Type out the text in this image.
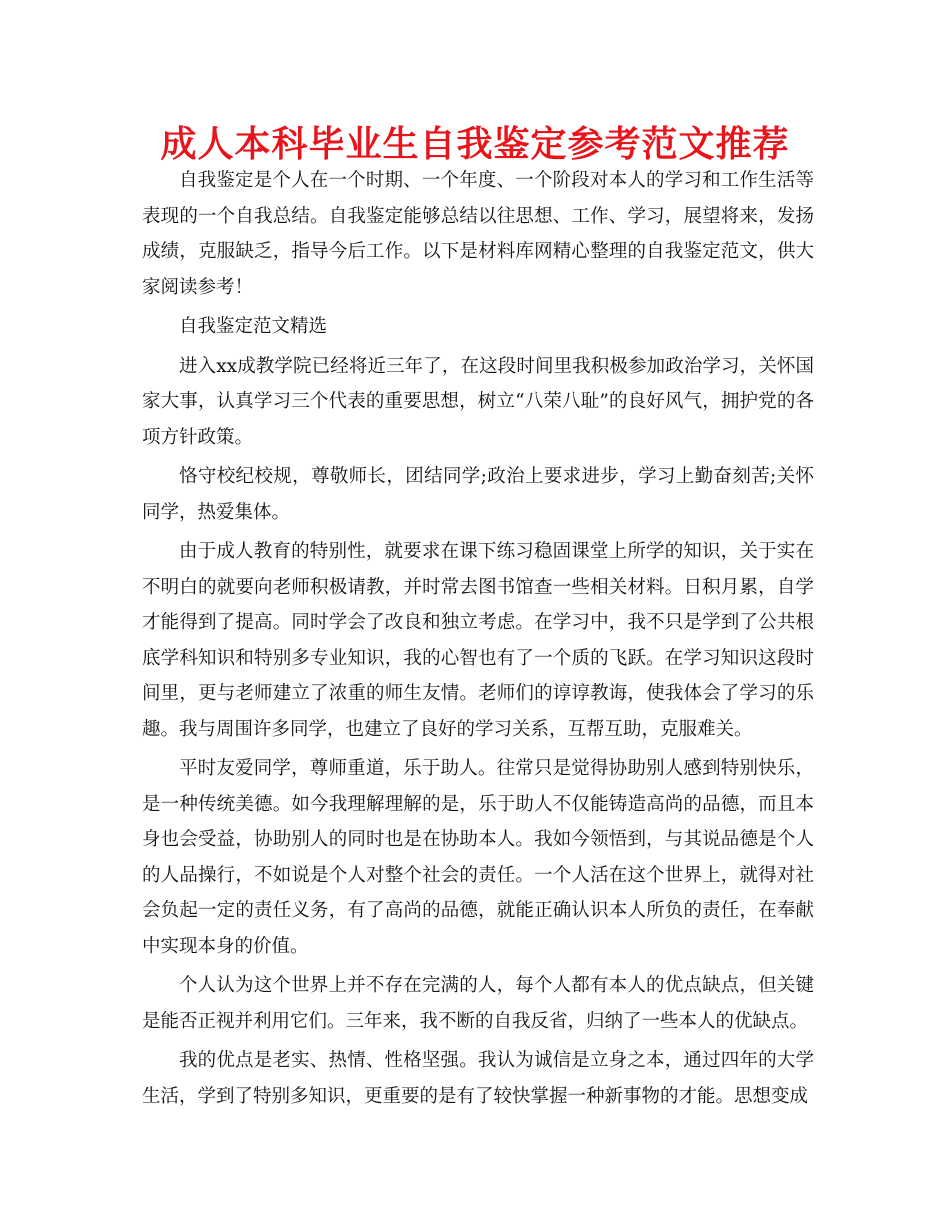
成人本科毕业生自我鉴定参考范文推荐

自我鉴定是个人在一个时期、一个年度、一个阶段对本人的学习和工作生活等表现的一个自我总结。自我鉴定能够总结以往思想、工作、学习，展望将来，发扬成绩，克服缺乏，指导今后工作。以下是材料库网精心整理的自我鉴定范文，供大家阅读参考！

自我鉴定范文精选

进入xx成教学院已经将近三年了，在这段时间里我积极参加政治学习，关怀国家大事，认真学习三个代表的重要思想，树立“八荣八耻”的良好风气，拥护党的各项方针政策。

恪守校纪校规，尊敬师长，团结同学;政治上要求进步，学习上勤奋刻苦;关怀同学，热爱集体。

由于成人教育的特别性，就要求在课下练习稳固课堂上所学的知识，关于实在不明白的就要向老师积极请教，并时常去图书馆查一些相关材料。日积月累，自学才能得到了提高。同时学会了改良和独立考虑。在学习中，我不只是学到了公共根底学科知识和特别多专业知识，我的心智也有了一个质的飞跃。在学习知识这段时间里，更与老师建立了浓重的师生友情。老师们的谆谆教诲，使我体会了学习的乐趣。我与周围许多同学，也建立了良好的学习关系，互帮互助，克服难关。

平时友爱同学，尊师重道，乐于助人。往常只是觉得协助别人感到特别快乐，是一种传统美德。如今我理解理解的是，乐于助人不仅能铸造高尚的品德，而且本身也会受益，协助别人的同时也是在协助本人。我如今领悟到，与其说品德是个人的人品操行，不如说是个人对整个社会的责任。一个人活在这个世界上，就得对社会负起一定的责任义务，有了高尚的品德，就能正确认识本人所负的责任，在奉献中实现本身的价值。

个人认为这个世界上并不存在完满的人，每个人都有本人的优点缺点，但关键是能否正视并利用它们。三年来，我不断的自我反省，归纳了一些本人的优缺点。

我的优点是老实、热情、性格坚强。我认为诚信是立身之本，通过四年的大学生活，学到了特别多知识，更重要的是有了较快掌握一种新事物的才能。思想变成
